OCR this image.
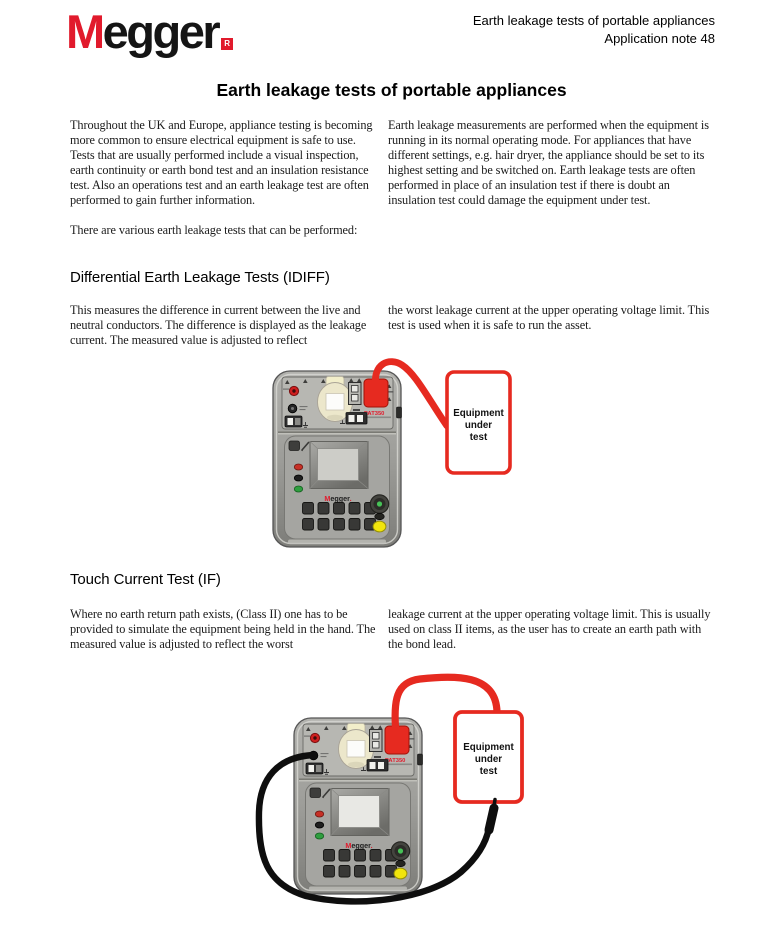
Megger R
Earth leakage tests of portable appliances
Application note 48
Earth leakage tests of portable appliances

Throughout the UK and Europe, appliance testing is becoming more common to ensure electrical equipment is safe to use. Tests that are usually performed include a visual inspection, earth continuity or earth bond test and an insulation resistance test. Also an operations test and an earth leakage test are often performed to gain further information.

There are various earth leakage tests that can be performed:

Earth leakage measurements are performed when the equipment is running in its normal operating mode. For appliances that have different settings, e.g. hair dryer, the appliance should be set to its highest setting and be switched on. Earth leakage tests are often performed in place of an insulation test if there is doubt an insulation test could damage the equipment under test.

Differential Earth Leakage Tests (IDIFF)

This measures the difference in current between the live and neutral conductors. The difference is displayed as the leakage current. The measured value is adjusted to reflect

the worst leakage current at the upper operating voltage limit. This test is used when it is safe to run the asset.

PAT350
Megger.
Equipment
under
test
Touch Current Test (IF)

Where no earth return path exists, (Class II) one has to be provided to simulate the equipment being held in the hand. The measured value is adjusted to reflect the worst

leakage current at the upper operating voltage limit. This is usually used on class II items, as the user has to create an earth path with the bond lead.

Equipment
under
test
